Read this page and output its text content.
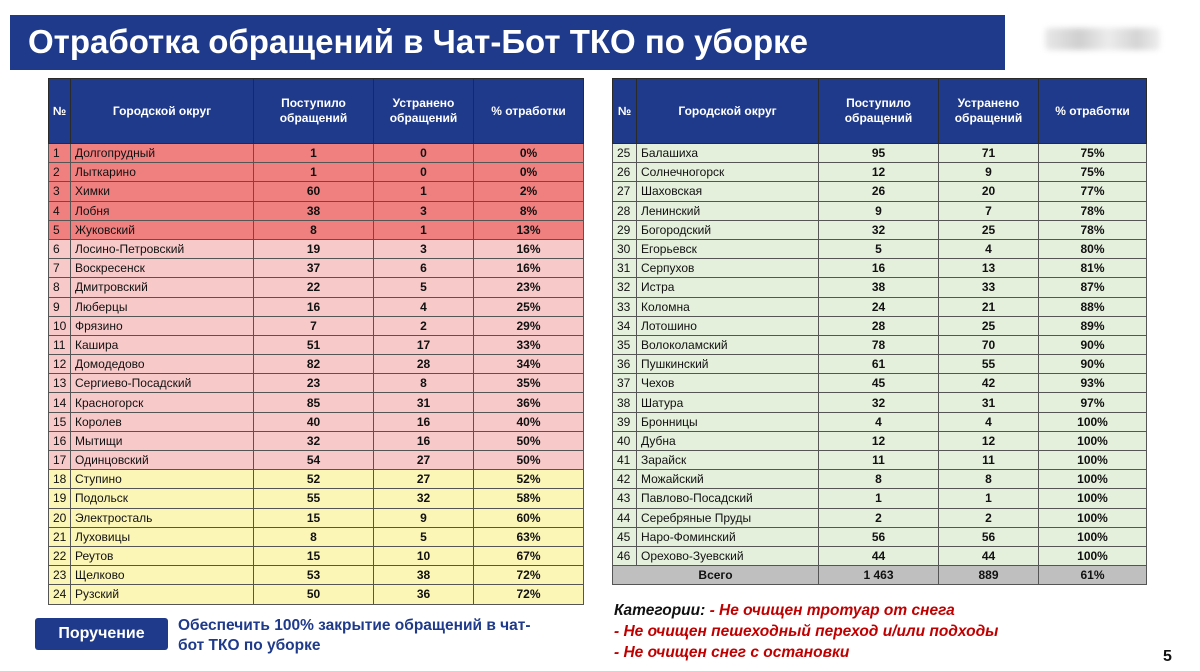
Отработка обращений в Чат-Бот ТКО по уборке
№	Городской округ	Поступило обращений	Устранено обращений	% отработки
1	Долгопрудный	1	0	0%
2	Лыткарино	1	0	0%
3	Химки	60	1	2%
4	Лобня	38	3	8%
5	Жуковский	8	1	13%
6	Лосино-Петровский	19	3	16%
7	Воскресенск	37	6	16%
8	Дмитровский	22	5	23%
9	Люберцы	16	4	25%
10	Фрязино	7	2	29%
11	Кашира	51	17	33%
12	Домодедово	82	28	34%
13	Сергиево-Посадский	23	8	35%
14	Красногорск	85	31	36%
15	Королев	40	16	40%
16	Мытищи	32	16	50%
17	Одинцовский	54	27	50%
18	Ступино	52	27	52%
19	Подольск	55	32	58%
20	Электросталь	15	9	60%
21	Луховицы	8	5	63%
22	Реутов	15	10	67%
23	Щелково	53	38	72%
24	Рузский	50	36	72%
№	Городской округ	Поступило обращений	Устранено обращений	% отработки
25	Балашиха	95	71	75%
26	Солнечногорск	12	9	75%
27	Шаховская	26	20	77%
28	Ленинский	9	7	78%
29	Богородский	32	25	78%
30	Егорьевск	5	4	80%
31	Серпухов	16	13	81%
32	Истра	38	33	87%
33	Коломна	24	21	88%
34	Лотошино	28	25	89%
35	Волоколамский	78	70	90%
36	Пушкинский	61	55	90%
37	Чехов	45	42	93%
38	Шатура	32	31	97%
39	Бронницы	4	4	100%
40	Дубна	12	12	100%
41	Зарайск	11	11	100%
42	Можайский	8	8	100%
43	Павлово-Посадский	1	1	100%
44	Серебряные Пруды	2	2	100%
45	Наро-Фоминский	56	56	100%
46	Орехово-Зуевский	44	44	100%
Всего		1 463	889	61%
Поручение	Обеспечить 100% закрытие обращений в чат-бот ТКО по уборке
Категории: - Не очищен тротуар от снега
- Не очищен пешеходный переход и/или подходы
- Не очищен снег с остановки	5
